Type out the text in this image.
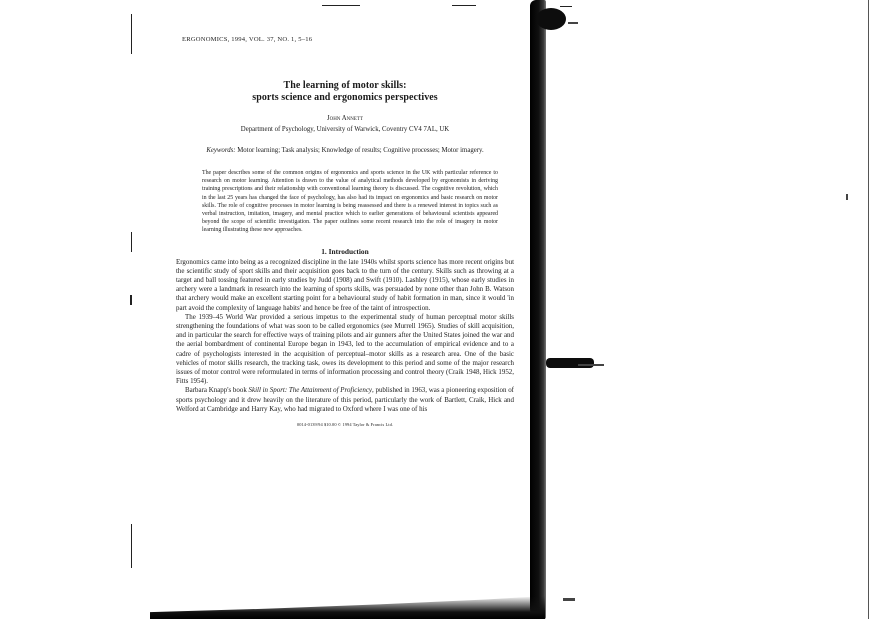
ERGONOMICS, 1994, VOL. 37, NO. 1, 5–16
The learning of motor skills:
sports science and ergonomics perspectives
John Annett
Department of Psychology, University of Warwick, Coventry CV4 7AL, UK
Keywords: Motor learning; Task analysis; Knowledge of results; Cognitive processes; Motor imagery.
The paper describes some of the common origins of ergonomics and sports science in the UK with particular reference to research on motor learning. Attention is drawn to the value of analytical methods developed by ergonomists in deriving training prescriptions and their relationship with conventional learning theory is discussed. The cognitive revolution, which in the last 25 years has changed the face of psychology, has also had its impact on ergonomics and basic research on motor skills. The role of cognitive processes in motor learning is being reassessed and there is a renewed interest in topics such as verbal instruction, imitation, imagery, and mental practice which to earlier generations of behavioural scientists appeared beyond the scope of scientific investigation. The paper outlines some recent research into the role of imagery in motor learning illustrating these new approaches.
1. Introduction

Ergonomics came into being as a recognized discipline in the late 1940s whilst sports science has more recent origins but the scientific study of sport skills and their acquisition goes back to the turn of the century. Skills such as throwing at a target and ball tossing featured in early studies by Judd (1908) and Swift (1910). Lashley (1915), whose early studies in archery were a landmark in research into the learning of sports skills, was persuaded by none other than John B. Watson that archery would make an excellent starting point for a behavioural study of habit formation in man, since it would 'in part avoid the complexity of language habits' and hence be free of the taint of introspection.

The 1939–45 World War provided a serious impetus to the experimental study of human perceptual motor skills strengthening the foundations of what was soon to be called ergonomics (see Murrell 1965). Studies of skill acquisition, and in particular the search for effective ways of training pilots and air gunners after the United States joined the war and the aerial bombardment of continental Europe began in 1943, led to the accumulation of empirical evidence and to a cadre of psychologists interested in the acquisition of perceptual–motor skills as a research area. One of the basic vehicles of motor skills research, the tracking task, owes its development to this period and some of the major research issues of motor control were reformulated in terms of information processing and control theory (Craik 1948, Hick 1952, Fitts 1954).

Barbara Knapp's book Skill in Sport: The Attainment of Proficiency, published in 1963, was a pioneering exposition of sports psychology and it drew heavily on the literature of this period, particularly the work of Bartlett, Craik, Hick and Welford at Cambridge and Harry Kay, who had migrated to Oxford where I was one of his

0014-0139/94 $10.00 © 1994 Taylor & Francis Ltd.
